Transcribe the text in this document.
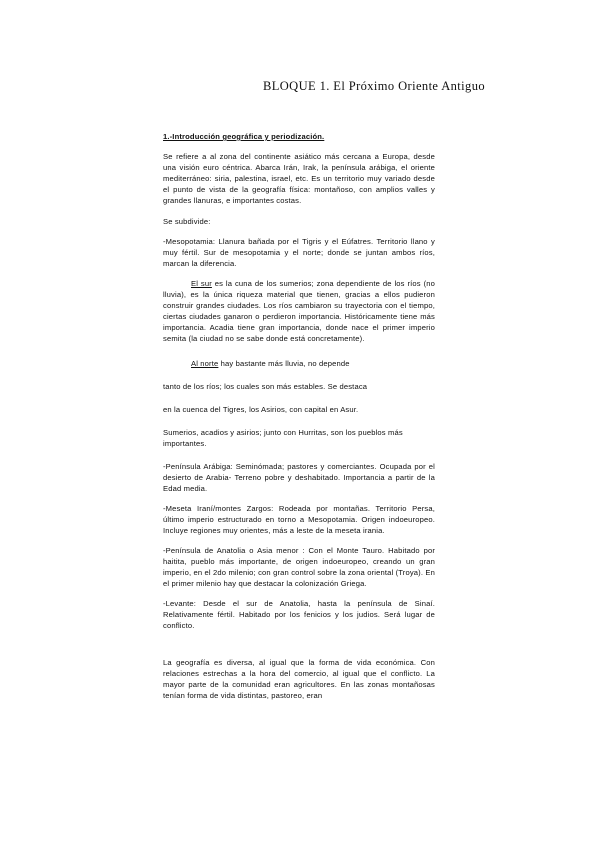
BLOQUE 1. El Próximo Oriente Antiguo

1.-Introducción geográfica y periodización.

Se refiere a al zona del continente asiático más cercana a Europa, desde una visión euro céntrica. Abarca Irán, Irak, la península arábiga, el oriente mediterráneo: siria, palestina, israel, etc. Es un territorio muy variado desde el punto de vista de la geografía física: montañoso, con amplios valles y grandes llanuras, e importantes costas.

Se subdivide:

-Mesopotamia: Llanura bañada por el Tigris y el Eúfatres. Territorio llano y muy fértil. Sur de mesopotamia y el norte; donde se juntan ambos ríos, marcan la diferencia.

El sur es la cuna de los sumerios; zona dependiente de los ríos (no lluvia), es la única riqueza material que tienen, gracias a ellos pudieron construir grandes ciudades. Los ríos cambiaron su trayectoria con el tiempo, ciertas ciudades ganaron o perdieron importancia. Históricamente tiene más importancia. Acadia tiene gran importancia, donde nace el primer imperio semita (la ciudad no se sabe donde está concretamente).

Al norte hay bastante más lluvia, no depende

tanto de los ríos; los cuales son más estables. Se destaca

en la cuenca del Tigres, los Asirios, con capital en Asur.

Sumerios, acadios y asirios; junto con Hurritas, son los pueblos más importantes.

-Península Arábiga: Seminómada; pastores y comerciantes. Ocupada por el desierto de Arabia- Terreno pobre y deshabitado. Importancia a partir de la Edad media.

-Meseta Iraní/montes Zargos: Rodeada por montañas. Territorio Persa, último imperio estructurado en torno a Mesopotamia. Origen indoeuropeo. Incluye regiones muy orientes, más a leste de la meseta irania.

-Península de Anatolia o Asia menor : Con el Monte Tauro. Habitado por haitita, pueblo más importante, de origen indoeuropeo, creando un gran imperio, en el 2do milenio; con gran control sobre la zona oriental (Troya). En el primer milenio hay que destacar la colonización Griega.

-Levante: Desde el sur de Anatolia, hasta la península de Sinaí. Relativamente fértil. Habitado por los fenicios y los judios. Será lugar de conflicto.

La geografía es diversa, al igual que la forma de vida económica. Con relaciones estrechas a la hora del comercio, al igual que el conflicto. La mayor parte de la comunidad eran agricultores. En las zonas montañosas tenían forma de vida distintas, pastoreo, eran
